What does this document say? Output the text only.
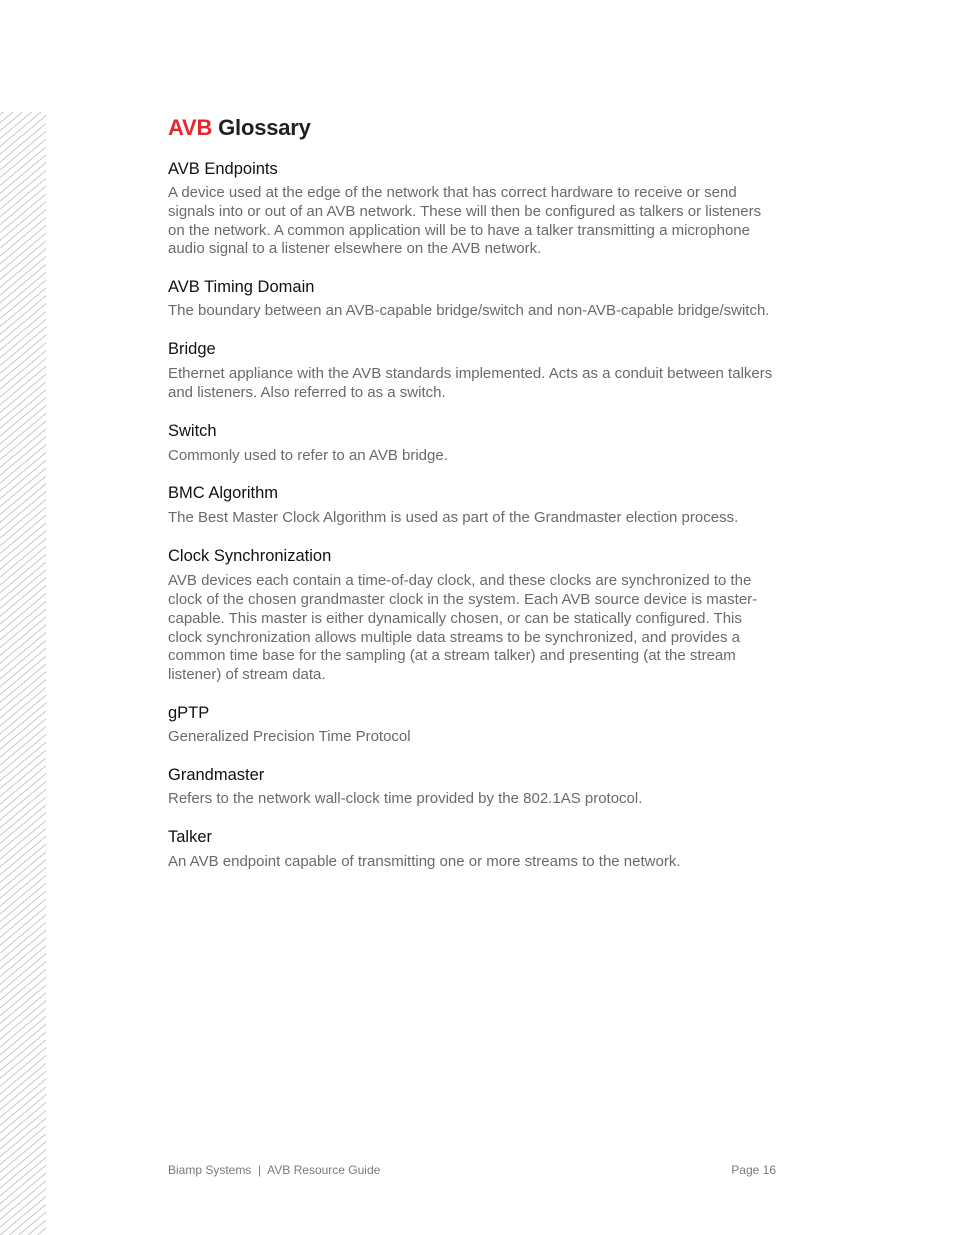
AVB Glossary
AVB Endpoints

A device used at the edge of the network that has correct hardware to receive or send signals into or out of an AVB network. These will then be configured as talkers or listeners on the network. A common application will be to have a talker transmitting a microphone audio signal to a listener elsewhere on the AVB network.

AVB Timing Domain

The boundary between an AVB-capable bridge/switch and non-AVB-capable bridge/switch.

Bridge

Ethernet appliance with the AVB standards implemented. Acts as a conduit between talkers and listeners. Also referred to as a switch.

Switch

Commonly used to refer to an AVB bridge.

BMC Algorithm

The Best Master Clock Algorithm is used as part of the Grandmaster election process.

Clock Synchronization

AVB devices each contain a time-of-day clock, and these clocks are synchronized to the clock of the chosen grandmaster clock in the system. Each AVB source device is master-capable. This master is either dynamically chosen, or can be statically configured. This clock synchronization allows multiple data streams to be synchronized, and provides a common time base for the sampling (at a stream talker) and presenting (at the stream listener) of stream data.

gPTP

Generalized Precision Time Protocol

Grandmaster

Refers to the network wall-clock time provided by the 802.1AS protocol.

Talker

An AVB endpoint capable of transmitting one or more streams to the network.

Biamp Systems  |  AVB Resource Guide	Page 16
